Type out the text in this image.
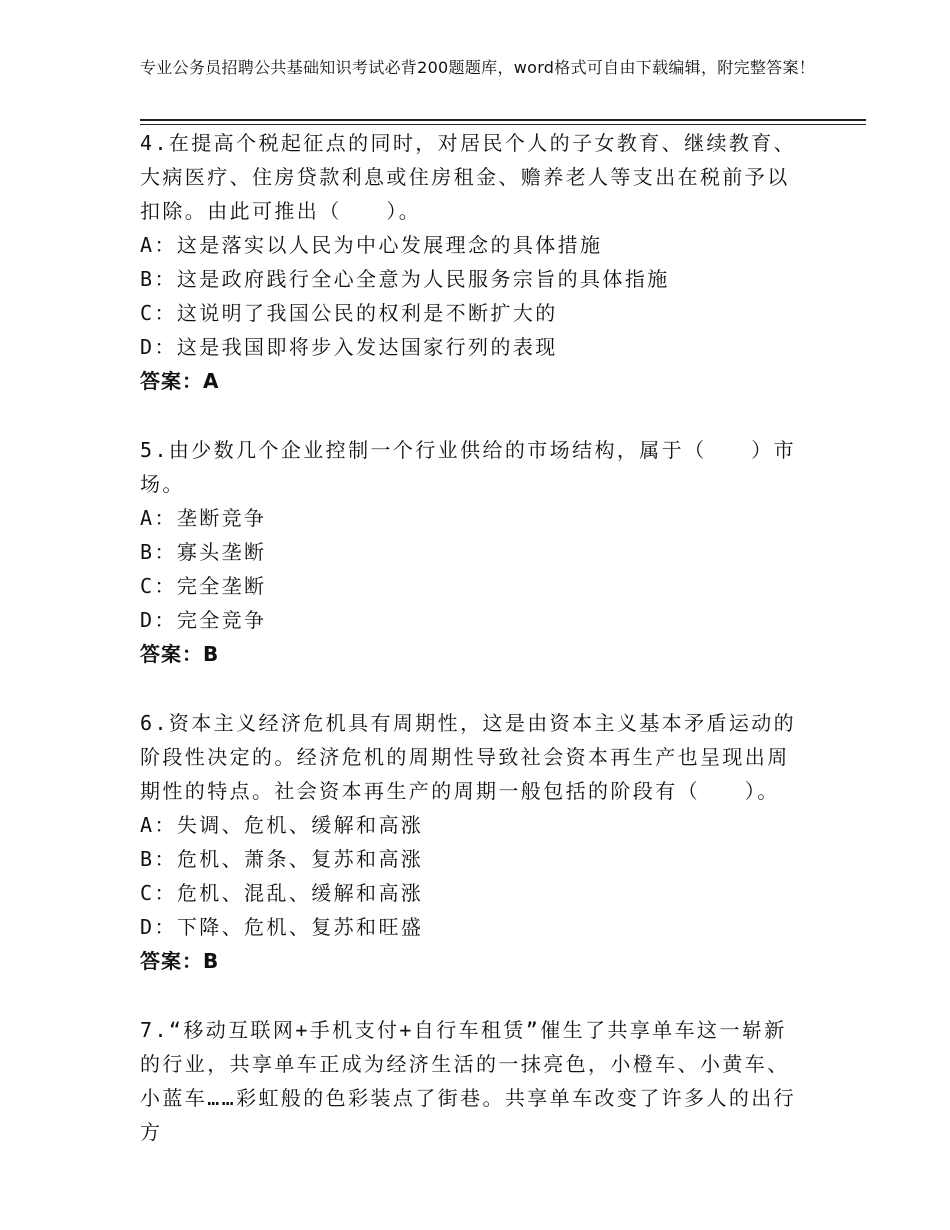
专业公务员招聘公共基础知识考试必背200题题库，word格式可自由下载编辑，附完整答案！
4.在提高个税起征点的同时，对居民个人的子女教育、继续教育、大病医疗、住房贷款利息或住房租金、赡养老人等支出在税前予以扣除。由此可推出（　　）。
A：这是落实以人民为中心发展理念的具体措施
B：这是政府践行全心全意为人民服务宗旨的具体指施
C：这说明了我国公民的权利是不断扩大的
D：这是我国即将步入发达国家行列的表现
答案：A
5.由少数几个企业控制一个行业供给的市场结构，属于（　　）市场。
A：垄断竞争
B：寡头垄断
C：完全垄断
D：完全竞争
答案：B
6.资本主义经济危机具有周期性，这是由资本主义基本矛盾运动的阶段性决定的。经济危机的周期性导致社会资本再生产也呈现出周期性的特点。社会资本再生产的周期一般包括的阶段有（　　）。
A：失调、危机、缓解和高涨
B：危机、萧条、复苏和高涨
C：危机、混乱、缓解和高涨
D：下降、危机、复苏和旺盛
答案：B
7.“移动互联网+手机支付+自行车租赁”催生了共享单车这一崭新的行业，共享单车正成为经济生活的一抹亮色，小橙车、小黄车、小蓝车……彩虹般的色彩装点了街巷。共享单车改变了许多人的出行方
